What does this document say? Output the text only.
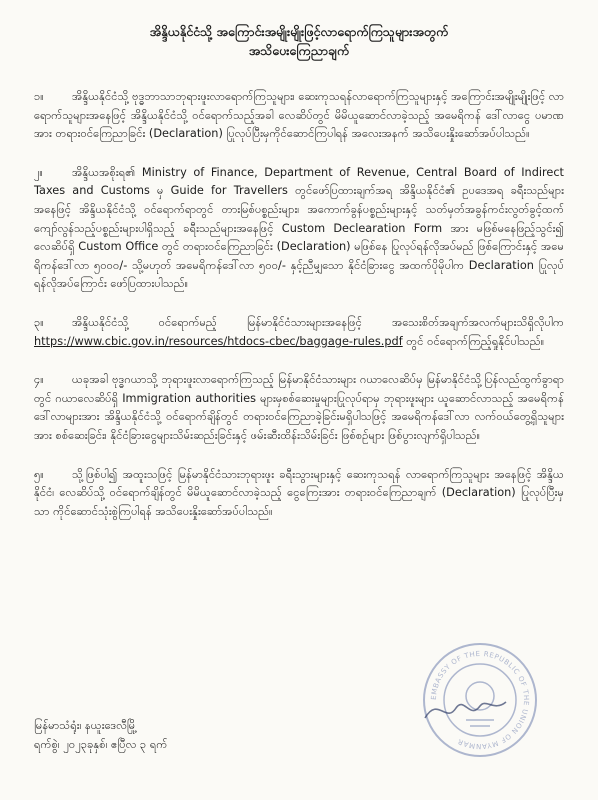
အိန္ဒိယနိုင်ငံသို့ အကြောင်းအမျိုးမျိုးဖြင့်လာရောက်ကြသူများအတွက်
အသိပေးကြေညာချက်
၁။ အိန္ဒိယနိုင်ငံသို့ ဗုဒ္ဓဘာသာဘုရားဖူးလာရောက်ကြသူများ၊ ဆေးကုသရန်လာရောက်ကြသူများနှင့် အကြောင်းအမျိုးမျိုးဖြင့် လာရောက်သူများအနေဖြင့် အိန္ဒိယနိုင်ငံသို့ ဝင်ရောက်သည့်အခါ လေဆိပ်တွင် မိမိယူဆောင်လာခဲ့သည့် အမေရိကန် ဒေါ်လာငွေ ပမာဏအား တရားဝင်ကြေညာခြင်း (Declaration) ပြုလုပ်ပြီးမှကိုင်ဆောင်ကြပါရန် အလေးအနက် အသိပေးနှိုးဆော်အပ်ပါသည်။
၂။	အိန္ဒိယအစိုးရ၏ Ministry of Finance, Department of Revenue, Central Board of Indirect Taxes and Customs မှ Guide for Travellers တွင်ဖော်ပြထားချက်အရ အိန္ဒိယနိုင်ငံ၏ ဥပဒေအရ ခရီးသည်များအနေဖြင့် အိန္ဒိယနိုင်ငံသို့ ဝင်ရောက်ရာတွင် တားမြစ်ပစ္စည်းများ၊ အကောက်ခွန်ပစ္စည်းများနှင့် သတ်မှတ်အခွန်ကင်းလွတ်ခွင့်ထက် ကျော်လွန်သည့်ပစ္စည်းများပါရှိသည့် ခရီးသည်များအနေဖြင့် Custom Declearation Form အား မဖြစ်မနေဖြည့်သွင်း၍ လေဆိပ်ရှိ Custom Office တွင် တရားဝင်ကြေညာခြင်း (Declaration) မဖြစ်နေ ပြုလုပ်ရန်လိုအပ်မည် ဖြစ်ကြောင်းနှင့် အမေရိကန်ဒေါ်လာ ၅၀၀၀/- သို့မဟုတ် အမေရိကန်ဒေါ်လာ ၅၀၀/- နှင့်ညီမျှသော နိုင်ငံခြားငွေ အထက်ပိုမိုပါက Declaration ပြုလုပ်ရန်လိုအပ်ကြောင်း ဖော်ပြထားပါသည်။
၃။ အိန္ဒိယနိုင်ငံသို့ ဝင်ရောက်မည့် မြန်မာနိုင်ငံသားများအနေဖြင့် အသေးစိတ်အချက်အလက်များသိရှိလိုပါက https://www.cbic.gov.in/resources/htdocs-cbec/baggage-rules.pdf တွင် ဝင်ရောက်ကြည့်ရှုနိုင်ပါသည်။
၄။ ယခုအခါ ဗုဒ္ဓဂယာသို့ ဘုရားဖူးလာရောက်ကြသည့် မြန်မာနိုင်ငံသားများ ဂယာလေဆိပ်မှ မြန်မာနိုင်ငံသို့ပြန်လည်ထွက်ခွာရာတွင် ဂယာလေဆိပ်ရှိ Immigration authorities များမှစစ်ဆေးမှုများပြုလုပ်ရာမှ ဘုရားဖူးများ ယူဆောင်လာသည့် အမေရိကန်ဒေါ်လာများအား အိန္ဒိယနိုင်ငံသို့ ဝင်ရောက်ချိန်တွင် တရားဝင်ကြေညာခဲ့ခြင်းမရှိပါသဖြင့် အမေရိကန်ဒေါ်လာ လက်ဝယ်တွေ့ရှိသူများအား စစ်ဆေးခြင်း၊ နိုင်ငံခြားငွေများသိမ်းဆည်းခြင်းနှင့် ဖမ်းဆီးထိန်းသိမ်းခြင်း ဖြစ်စဉ်များ ဖြစ်ပွားလျက်ရှိပါသည်။
၅။ သို့ဖြစ်ပါ၍ အထူးသဖြင့် မြန်မာနိုင်ငံသားဘုရားဖူး ခရီးသွားများနှင့် ဆေးကုသရန် လာရောက်ကြသူများ အနေဖြင့် အိန္ဒိယနိုင်ငံ၊ လေဆိပ်သို့ ဝင်ရောက်ချိန်တွင် မိမိယူဆောင်လာခဲ့သည့် ငွေကြေးအား တရားဝင်ကြေညာချက် (Declaration) ပြုလုပ်ပြီးမှသာ ကိုင်ဆောင်သုံးစွဲကြပါရန် အသိပေးနှိုးဆော်အပ်ပါသည်။
EMBASSY OF THE REPUBLIC OF THE UNION OF MYANMAR
မြန်မာသံရုံး၊ နယူးဒေလီမြို့
ရက်စွဲ၊ ၂၀၂၃ခုနှစ်၊ ဧပြီလ ၃ ရက်
